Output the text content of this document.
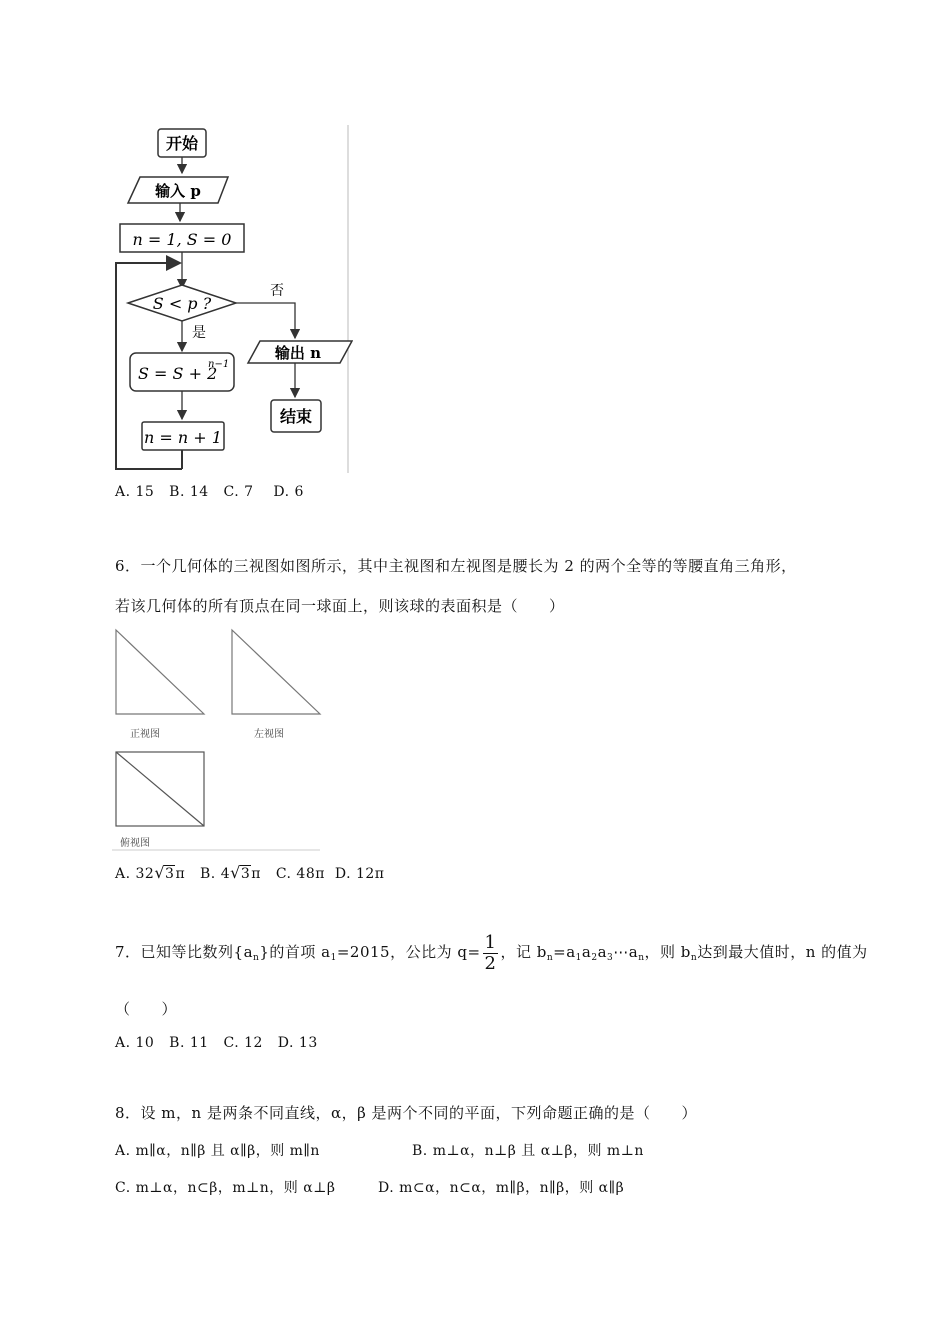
开始
输入 p
n = 1, S = 0
S < p ?
否
是
S = S + 2
n−1
n = n + 1
输出 n
结束
A. 15   B. 14   C. 7    D. 6
6．一个几何体的三视图如图所示，其中主视图和左视图是腰长为 2 的两个全等的等腰直角三角形，
若该几何体的所有顶点在同一球面上，则该球的表面积是（　　）
正视图	左视图
俯视图
A. 32√3π B. 4√3π C. 48π  D. 12π
7．已知等比数列$\{a_n\}$的首项 $a_1=2015$，公比为 $q= \frac{1}{2}$ ，记 $b_n=a_1a_2a_3\cdots a_n$，则 $b_n$达到最大值时，n 的值为
（　　）
A. 10   B. 11   C. 12   D. 13
8．设 m，n 是两条不同直线，α，β 是两个不同的平面，下列命题正确的是（　　）
A. m∥α，n∥β 且 α∥β，则 m∥n	B. m⊥α，n⊥β 且 α⊥β，则 m⊥n
C. m⊥α，n⊂β，m⊥n，则 α⊥β	D. m⊂α，n⊂α，m∥β，n∥β，则 α∥β
